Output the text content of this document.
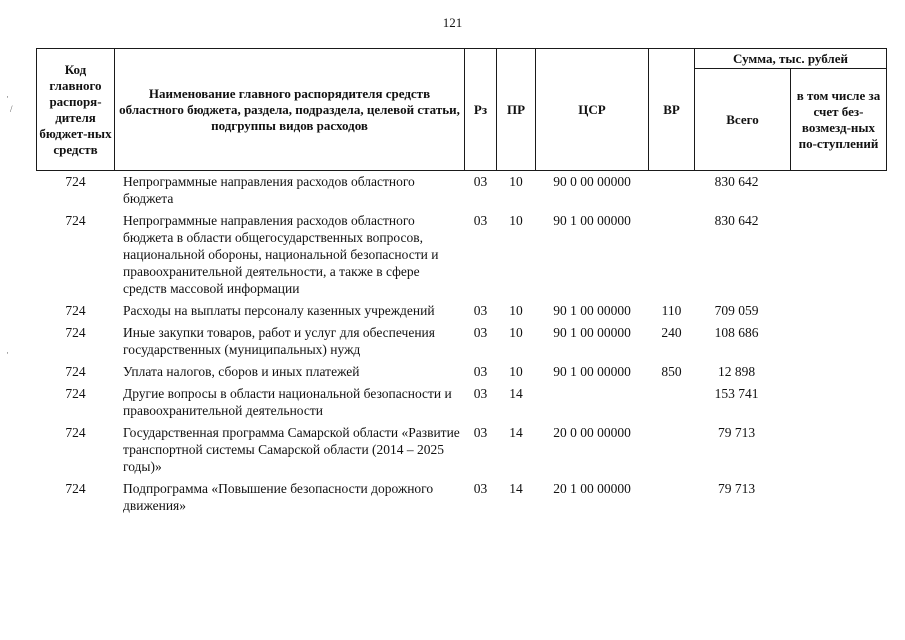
121
·
/
·
Код главного распоря-дителя бюджет-ных средств	Наименование главного распорядителя средств областного бюджета, раздела, подраздела, целевой статьи, подгруппы видов расходов	Рз	ПР	ЦСР	ВР	Сумма, тыс. рублей	
						Всего	в том числе за счет без-возмезд-ных по-ступлений
724	Непрограммные направления расходов областного бюджета	03	10	90 0 00 00000		830 642	
724	Непрограммные направления расходов областного бюджета в области общегосударственных вопросов, национальной обороны, национальной безопасности и правоохранительной деятельности, а также в сфере средств массовой информации	03	10	90 1 00 00000		830 642	
724	Расходы на выплаты персоналу казенных учреждений	03	10	90 1 00 00000	110	709 059	
724	Иные закупки товаров, работ и услуг для обеспечения государственных (муниципальных) нужд	03	10	90 1 00 00000	240	108 686	
724	Уплата налогов, сборов и иных платежей	03	10	90 1 00 00000	850	12 898	
724	Другие вопросы в области национальной безопасности и правоохранительной деятельности	03	14			153 741	
724	Государственная программа Самарской области «Развитие транспортной системы Самарской области (2014 – 2025 годы)»	03	14	20 0 00 00000		79 713	
724	Подпрограмма «Повышение безопасности дорожного движения»	03	14	20 1 00 00000		79 713	
